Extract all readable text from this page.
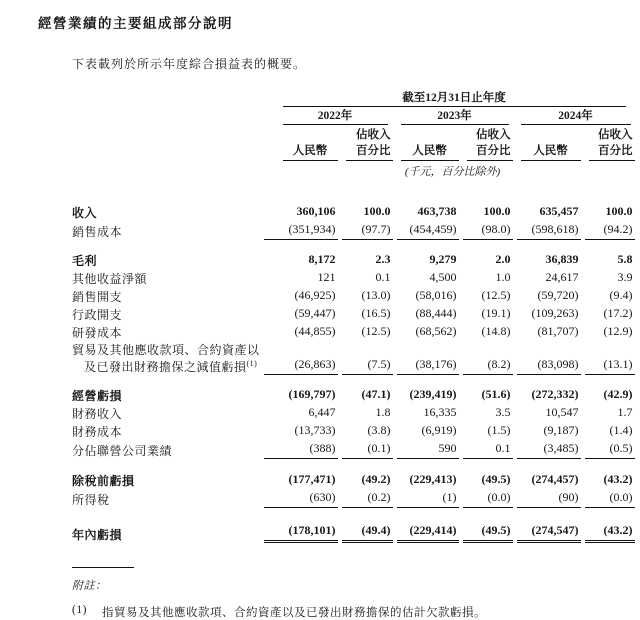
經營業績的主要組成部分說明
下表載列於所示年度綜合損益表的概要。

	截至12月31日止年度					

	2022年		2023年		2024年	

		佔收入		佔收入		佔收入

	人民幣	百分比	人民幣	百分比	人民幣	百分比

			(千元，百分比除外)			

收入	360,106	100.0	463,738	100.0	635,457	100.0

銷售成本	(351,934)	(97.7)	(454,459)	(98.0)	(598,618)	(94.2)

毛利	8,172	2.3	9,279	2.0	36,839	5.8

其他收益淨額	121	0.1	4,500	1.0	24,617	3.9

銷售開支	(46,925)	(13.0)	(58,016)	(12.5)	(59,720)	(9.4)

行政開支	(59,447)	(16.5)	(88,444)	(19.1)	(109,263)	(17.2)

研發成本	(44,855)	(12.5)	(68,562)	(14.8)	(81,707)	(12.9)

貿易及其他應收款項、合約資產以
及已發出財務擔保之減值虧損$^{(1)}$	(26,863)	(7.5)	(38,176)	(8.2)	(83,098)	(13.1)

經營虧損	(169,797)	(47.1)	(239,419)	(51.6)	(272,332)	(42.9)

財務收入	6,447	1.8	16,335	3.5	10,547	1.7

財務成本	(13,733)	(3.8)	(6,919)	(1.5)	(9,187)	(1.4)

分佔聯營公司業績	(388)	(0.1)	590	0.1	(3,485)	(0.5)

除稅前虧損	(177,471)	(49.2)	(229,413)	(49.5)	(274,457)	(43.2)

所得稅	(630)	(0.2)	(1)	(0.0)	(90)	(0.0)

年內虧損	(178,101)	(49.4)	(229,414)	(49.5)	(274,547)	(43.2)
附註：
(1)	指貿易及其他應收款項、合約資產以及已發出財務擔保的估計欠款虧損。
